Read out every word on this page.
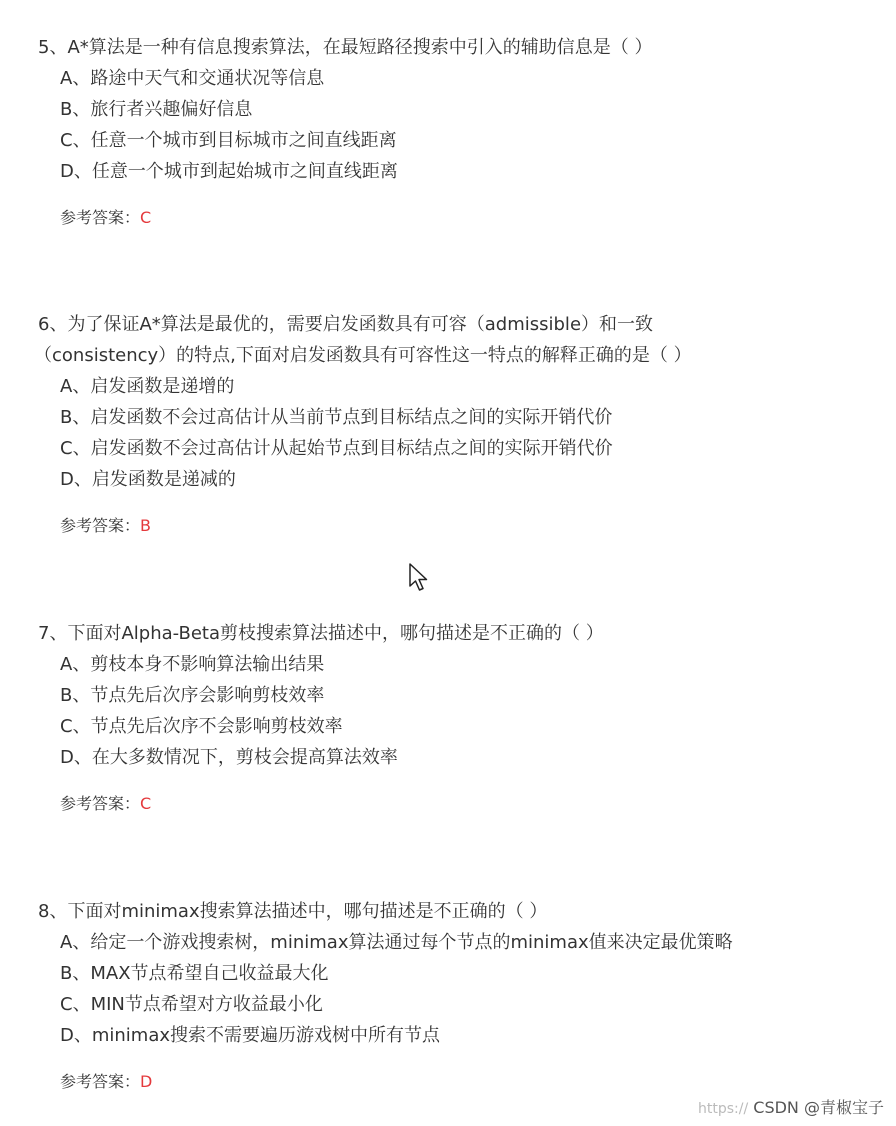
5、A*算法是一种有信息搜索算法，在最短路径搜索中引入的辅助信息是（ ）

A、路途中天气和交通状况等信息

B、旅行者兴趣偏好信息

C、任意一个城市到目标城市之间直线距离

D、任意一个城市到起始城市之间直线距离

参考答案：C

6、为了保证A*算法是最优的，需要启发函数具有可容（admissible）和一致
（consistency）的特点,下面对启发函数具有可容性这一特点的解释正确的是（ ）

A、启发函数是递增的

B、启发函数不会过高估计从当前节点到目标结点之间的实际开销代价

C、启发函数不会过高估计从起始节点到目标结点之间的实际开销代价

D、启发函数是递减的

参考答案：B

7、下面对Alpha-Beta剪枝搜索算法描述中，哪句描述是不正确的（ ）

A、剪枝本身不影响算法输出结果

B、节点先后次序会影响剪枝效率

C、节点先后次序不会影响剪枝效率

D、在大多数情况下，剪枝会提高算法效率

参考答案：C

8、下面对minimax搜索算法描述中，哪句描述是不正确的（ ）

A、给定一个游戏搜索树，minimax算法通过每个节点的minimax值来决定最优策略

B、MAX节点希望自己收益最大化

C、MIN节点希望对方收益最小化

D、minimax搜索不需要遍历游戏树中所有节点

参考答案：D

https:// CSDN @青椒宝子
